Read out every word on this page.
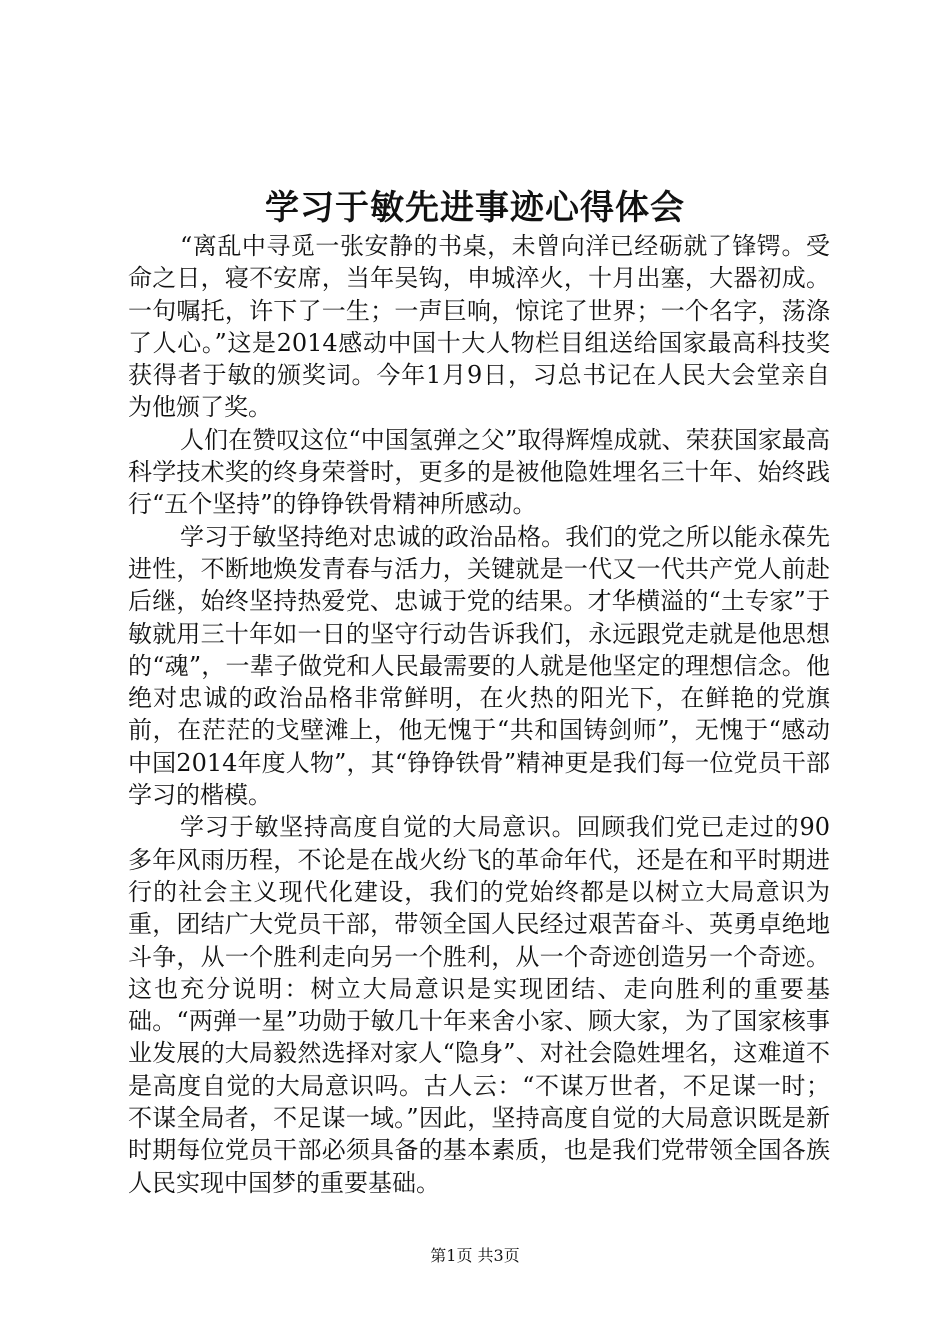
学习于敏先进事迹心得体会

“离乱中寻觅一张安静的书桌，未曾向洋已经砺就了锋锷。受命之日，寝不安席，当年吴钩，申城淬火，十月出塞，大器初成。一句嘱托，许下了一生；一声巨响，惊诧了世界；一个名字，荡涤了人心。”这是2014感动中国十大人物栏目组送给国家最高科技奖获得者于敏的颁奖词。今年1月9日，习总书记在人民大会堂亲自为他颁了奖。

人们在赞叹这位“中国氢弹之父”取得辉煌成就、荣获国家最高科学技术奖的终身荣誉时，更多的是被他隐姓埋名三十年、始终践行“五个坚持”的铮铮铁骨精神所感动。

学习于敏坚持绝对忠诚的政治品格。我们的党之所以能永葆先进性，不断地焕发青春与活力，关键就是一代又一代共产党人前赴后继，始终坚持热爱党、忠诚于党的结果。才华横溢的“土专家”于敏就用三十年如一日的坚守行动告诉我们，永远跟党走就是他思想的“魂”，一辈子做党和人民最需要的人就是他坚定的理想信念。他绝对忠诚的政治品格非常鲜明，在火热的阳光下，在鲜艳的党旗前，在茫茫的戈壁滩上，他无愧于“共和国铸剑师”，无愧于“感动中国2014年度人物”，其“铮铮铁骨”精神更是我们每一位党员干部学习的楷模。

学习于敏坚持高度自觉的大局意识。回顾我们党已走过的90多年风雨历程，不论是在战火纷飞的革命年代，还是在和平时期进行的社会主义现代化建设，我们的党始终都是以树立大局意识为重，团结广大党员干部，带领全国人民经过艰苦奋斗、英勇卓绝地斗争，从一个胜利走向另一个胜利，从一个奇迹创造另一个奇迹。这也充分说明：树立大局意识是实现团结、走向胜利的重要基础。“两弹一星”功勋于敏几十年来舍小家、顾大家，为了国家核事业发展的大局毅然选择对家人“隐身”、对社会隐姓埋名，这难道不是高度自觉的大局意识吗。古人云：“不谋万世者，不足谋一时；不谋全局者，不足谋一域。”因此，坚持高度自觉的大局意识既是新时期每位党员干部必须具备的基本素质，也是我们党带领全国各族人民实现中国梦的重要基础。

第1页 共3页
